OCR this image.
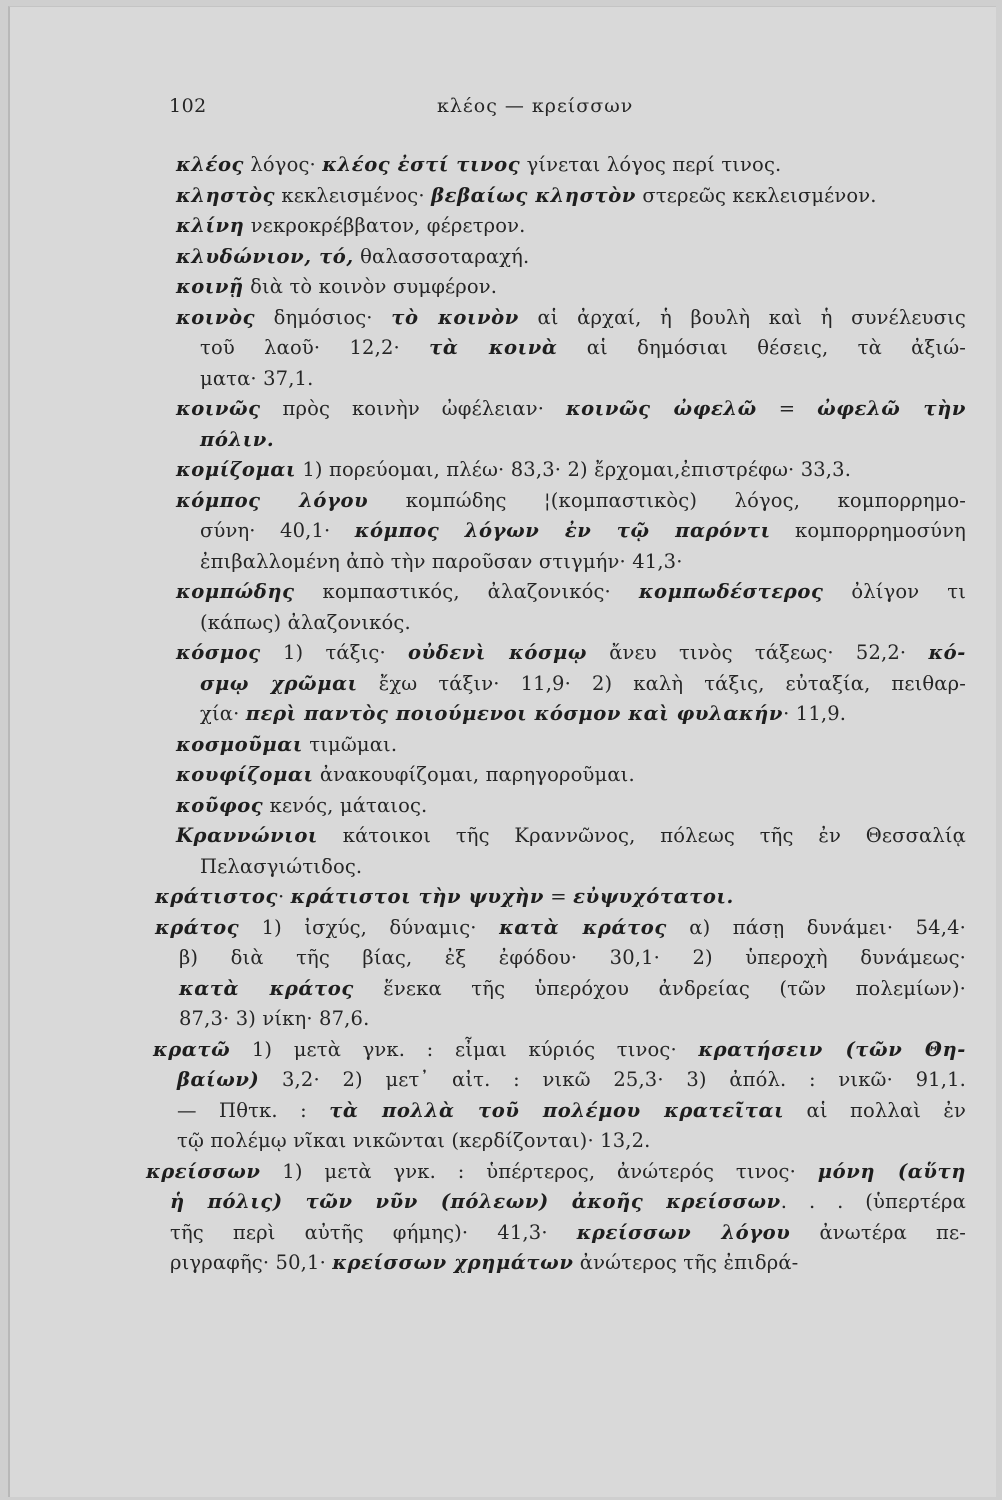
102	κλέος — κρείσσων
κλέος λόγος· κλέος ἐστί τινος γίνεται λόγος περί τινος.
κληστὸς κεκλεισμένος· βεβαίως κληστὸν στερεῶς κεκλεισμένον.
κλίνη νεκροκρέββατον, φέρετρον.
κλυδώνιον, τό, θαλασσοταραχή.
κοινῇ διὰ τὸ κοινὸν συμφέρον.
κοινὸς δημόσιος· τὸ κοινὸν αἱ ἀρχαί, ἡ βουλὴ καὶ ἡ συνέλευσις
τοῦ λαοῦ· 12,2· τὰ κοινὰ αἱ δημόσιαι θέσεις, τὰ ἀξιώ-
ματα· 37,1.
κοινῶς πρὸς κοινὴν ὠφέλειαν· κοινῶς ὠφελῶ = ὠφελῶ τὴν
πόλιν.
κομίζομαι 1) πορεύομαι, πλέω· 83,3· 2) ἔρχομαι,ἐπιστρέφω· 33,3.
κόμπος λόγου κομπώδης ¦(κομπαστικὸς) λόγος, κομπορρημο-
σύνη· 40,1· κόμπος λόγων ἐν τῷ παρόντι κομπορρημοσύνη
ἐπιβαλλομένη ἀπὸ τὴν παροῦσαν στιγμήν· 41,3·
κομπώδης κομπαστικός, ἀλαζονικός· κομπωδέστερος ὀλίγον τι
(κάπως) ἀλαζονικός.
κόσμος 1) τάξις· οὐδενὶ κόσμῳ ἄνευ τινὸς τάξεως· 52,2· κό-
σμῳ χρῶμαι ἔχω τάξιν· 11,9· 2) καλὴ τάξις, εὐταξία, πειθαρ-
χία· περὶ παντὸς ποιούμενοι κόσμον καὶ φυλακήν· 11,9.
κοσμοῦμαι τιμῶμαι.
κουφίζομαι ἀνακουφίζομαι, παρηγοροῦμαι.
κοῦφος κενός, μάταιος.
Κραννώνιοι κάτοικοι τῆς Κραννῶνος, πόλεως τῆς ἐν Θεσσαλίᾳ
Πελασγιώτιδος.
κράτιστος· κράτιστοι τὴν ψυχὴν = εὐψυχότατοι.
κράτος 1) ἰσχύς, δύναμις· κατὰ κράτος α) πάσῃ δυνάμει· 54,4·
β) διὰ τῆς βίας, ἐξ ἐφόδου· 30,1· 2) ὑπεροχὴ δυνάμεως·
κατὰ κράτος ἕνεκα τῆς ὑπερόχου ἀνδρείας (τῶν πολεμίων)·
87,3· 3) νίκη· 87,6.
κρατῶ 1) μετὰ γνκ. : εἶμαι κύριός τινος· κρατήσειν (τῶν Θη-
βαίων) 3,2· 2) μετ᾽ αἰτ. : νικῶ 25,3· 3) ἀπόλ. : νικῶ· 91,1.
— Πθτκ. : τὰ πολλὰ τοῦ πολέμου κρατεῖται αἱ πολλαὶ ἐν
τῷ πολέμῳ νῖκαι νικῶνται (κερδίζονται)· 13,2.
κρείσσων 1) μετὰ γνκ. : ὑπέρτερος, ἀνώτερός τινος· μόνη (αὕτη
ἡ πόλις) τῶν νῦν (πόλεων) ἀκοῆς κρείσσων. . . (ὑπερτέρα
τῆς περὶ αὐτῆς φήμης)· 41,3· κρείσσων λόγου ἀνωτέρα πε-
ριγραφῆς· 50,1· κρείσσων χρημάτων ἀνώτερος τῆς ἐπιδρά-
